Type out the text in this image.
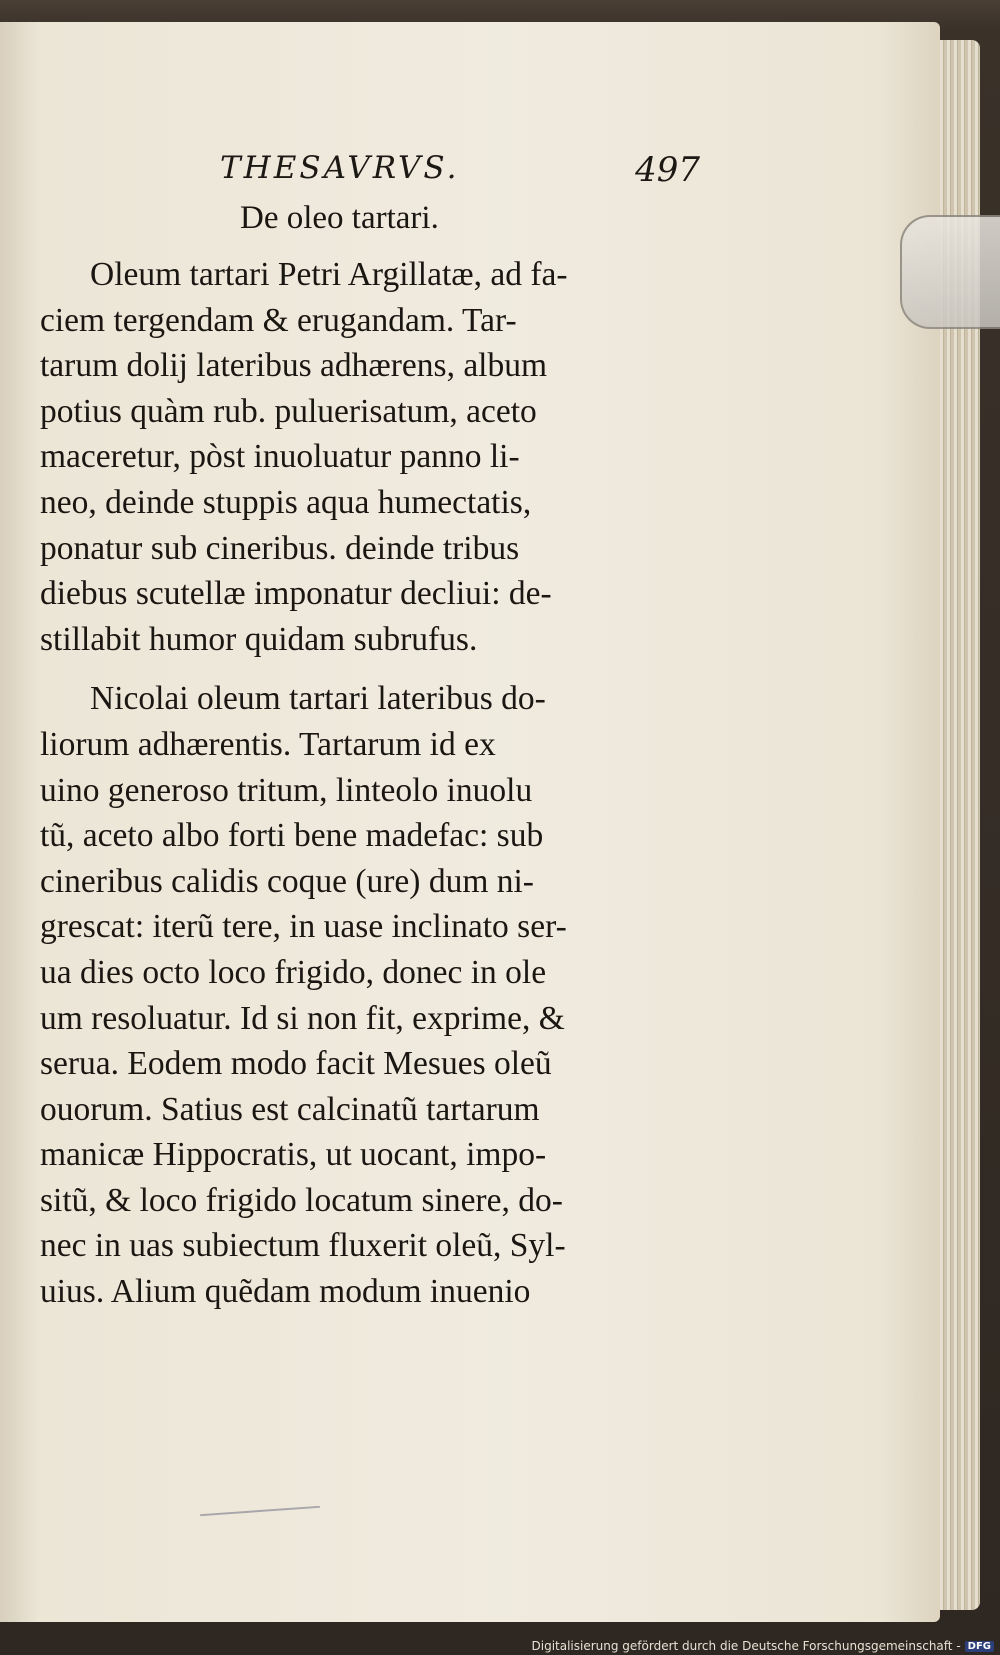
THESAVRVS.	497
De oleo tartari.
Oleum tartari Petri Argillatæ, ad fa-
ciem tergendam & erugandam. Tar-
tarum dolij lateribus adhærens, album
potius quàm rub. puluerisatum, aceto
maceretur, pòst inuoluatur panno li-
neo, deinde stuppis aqua humectatis,
ponatur sub cineribus. deinde tribus
diebus scutellæ imponatur decliui: de-
stillabit humor quidam subrufus.
Nicolai oleum tartari lateribus do-
liorum adhærentis. Tartarum id ex
uino generoso tritum, linteolo inuolu
tũ, aceto albo forti bene madefac: sub
cineribus calidis coque (ure) dum ni-
grescat: iterũ tere, in uase inclinato ser-
ua dies octo loco frigido, donec in ole
um resoluatur. Id si non fit, exprime, &
serua. Eodem modo facit Mesues oleũ
ouorum. Satius est calcinatũ tartarum
manicæ Hippocratis, ut uocant, impo-
sitũ, & loco frigido locatum sinere, do-
nec in uas subiectum fluxerit oleũ, Syl-
uius. Alium quẽdam modum inuenio
Digitalisierung gefördert durch die Deutsche Forschungsgemeinschaft - DFG
